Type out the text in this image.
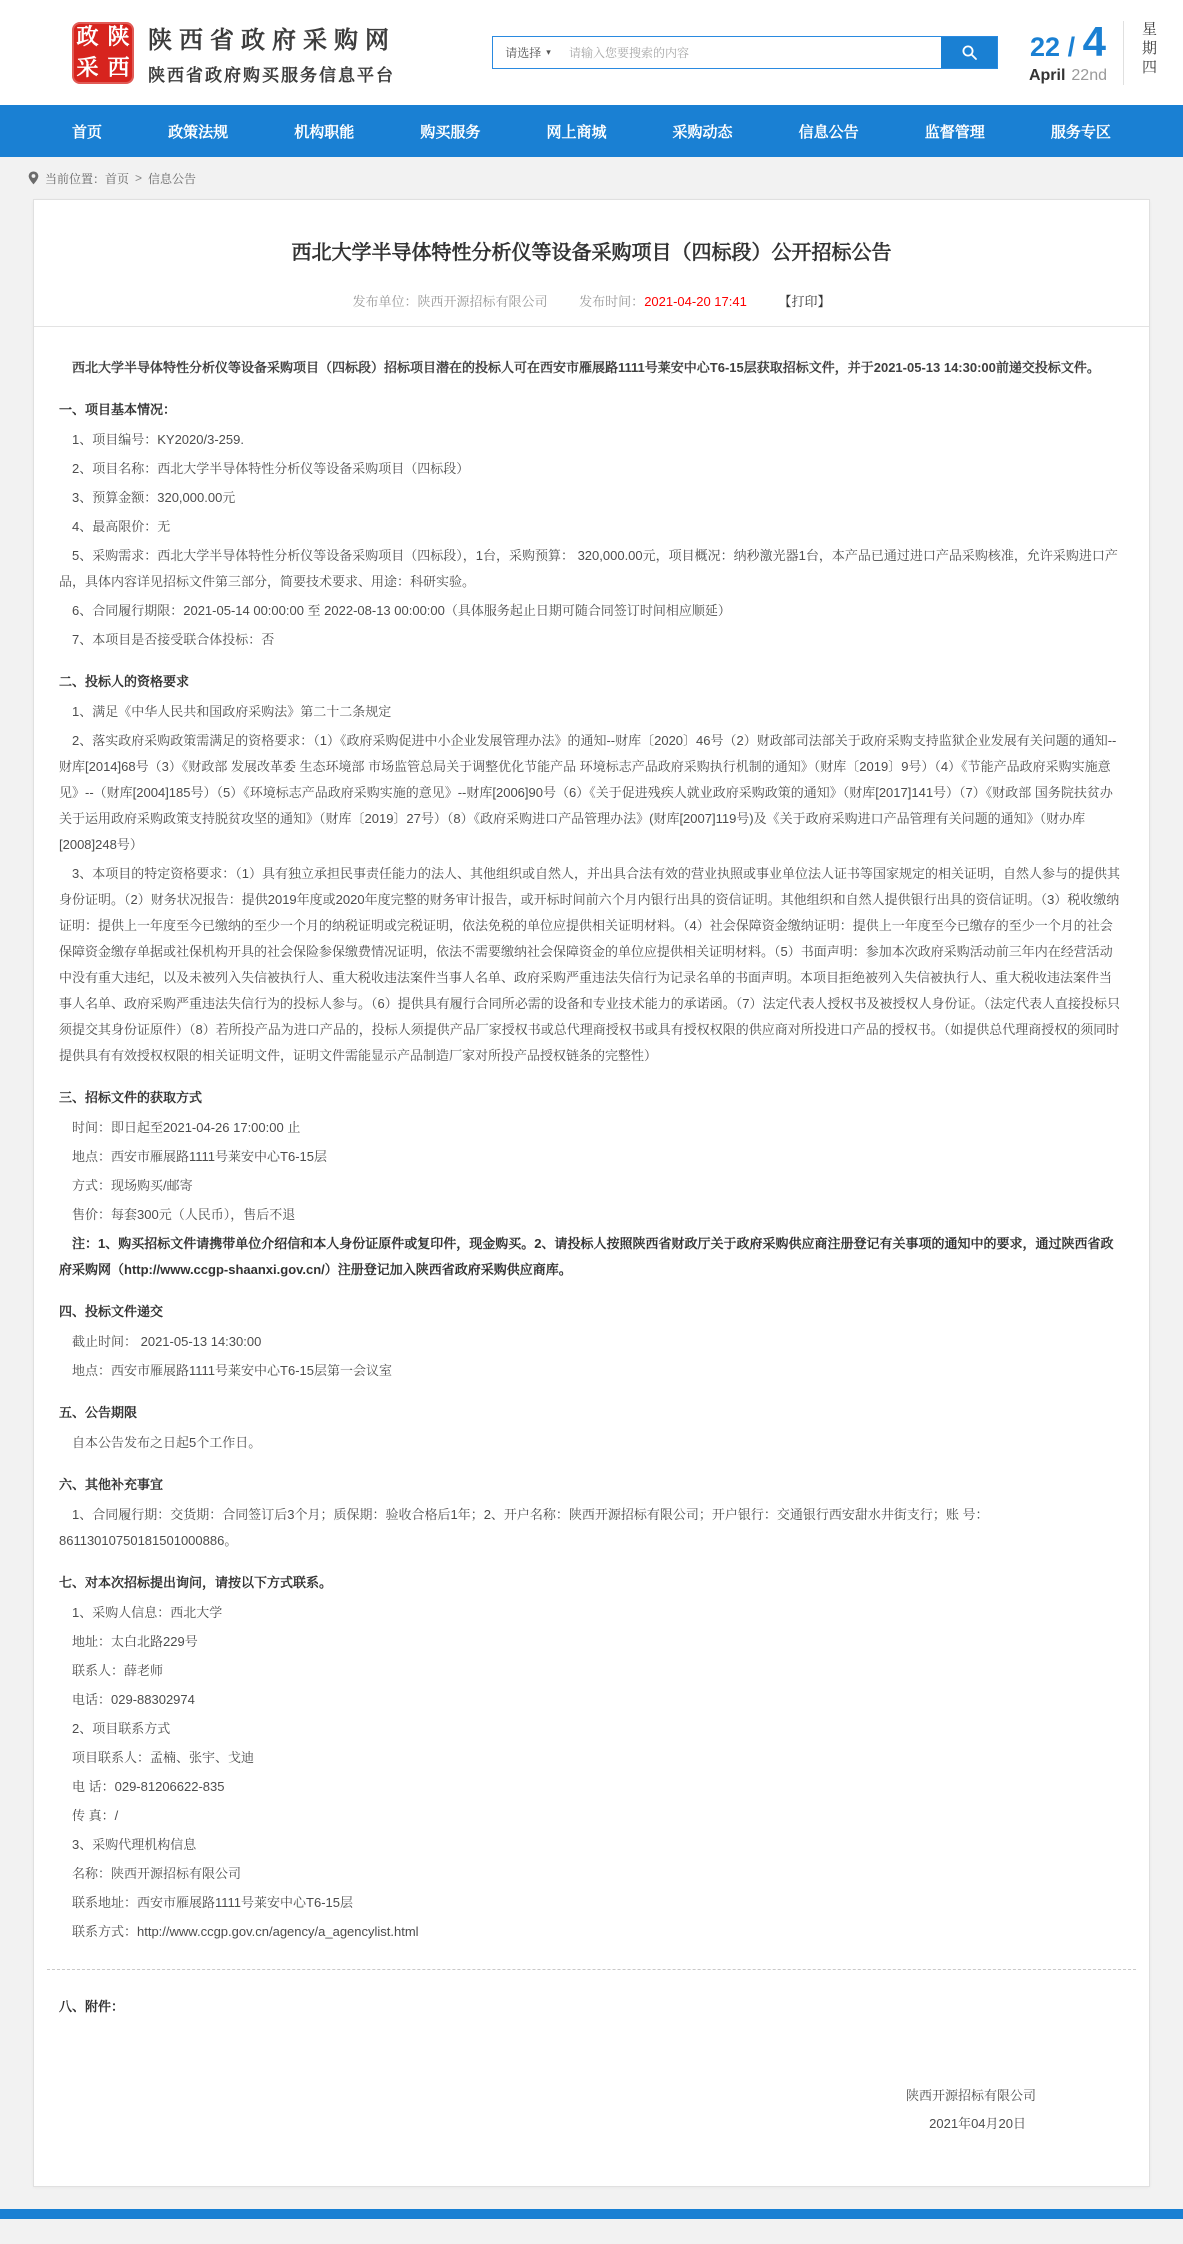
政 陕
采 西
陕西省政府采购网
陕西省政府购买服务信息平台
请选择 ▾
请输入您要搜索的内容	22 / 4
April 22nd	星期四
首页	政策法规	机构职能	购买服务	网上商城	采购动态	信息公告	监督管理	服务专区
当前位置： 首页 > 信息公告
西北大学半导体特性分析仪等设备采购项目（四标段）公开招标公告
发布单位：陕西开源招标有限公司 发布时间：2021-04-20 17:41 【打印】

西北大学半导体特性分析仪等设备采购项目（四标段）招标项目潜在的投标人可在西安市雁展路1111号莱安中心T6-15层获取招标文件，并于2021-05-13 14:30:00前递交投标文件。

一、项目基本情况：

1、项目编号：KY2020/3-259.

2、项目名称：西北大学半导体特性分析仪等设备采购项目（四标段）

3、预算金额：320,000.00元

4、最高限价：无

5、采购需求：西北大学半导体特性分析仪等设备采购项目（四标段），1台，采购预算： 320,000.00元，项目概况：纳秒激光器1台，本产品已通过进口产品采购核准，允许采购进口产品，具体内容详见招标文件第三部分，简要技术要求、用途：科研实验。

6、合同履行期限：2021-05-14 00:00:00 至 2022-08-13 00:00:00（具体服务起止日期可随合同签订时间相应顺延）

7、本项目是否接受联合体投标：否

二、投标人的资格要求

1、满足《中华人民共和国政府采购法》第二十二条规定

2、落实政府采购政策需满足的资格要求：（1）《政府采购促进中小企业发展管理办法》的通知--财库〔2020〕46号（2）财政部司法部关于政府采购支持监狱企业发展有关问题的通知--财库[2014]68号（3）《财政部 发展改革委 生态环境部 市场监管总局关于调整优化节能产品 环境标志产品政府采购执行机制的通知》（财库〔2019〕9号）（4）《节能产品政府采购实施意见》--（财库[2004]185号）（5）《环境标志产品政府采购实施的意见》--财库[2006]90号（6）《关于促进残疾人就业政府采购政策的通知》（财库[2017]141号）（7）《财政部 国务院扶贫办关于运用政府采购政策支持脱贫攻坚的通知》（财库〔2019〕27号）（8）《政府采购进口产品管理办法》(财库[2007]119号)及《关于政府采购进口产品管理有关问题的通知》（财办库[2008]248号）

3、本项目的特定资格要求：（1）具有独立承担民事责任能力的法人、其他组织或自然人，并出具合法有效的营业执照或事业单位法人证书等国家规定的相关证明，自然人参与的提供其身份证明。（2）财务状况报告：提供2019年度或2020年度完整的财务审计报告，或开标时间前六个月内银行出具的资信证明。其他组织和自然人提供银行出具的资信证明。（3）税收缴纳证明：提供上一年度至今已缴纳的至少一个月的纳税证明或完税证明，依法免税的单位应提供相关证明材料。（4）社会保障资金缴纳证明：提供上一年度至今已缴存的至少一个月的社会保障资金缴存单据或社保机构开具的社会保险参保缴费情况证明，依法不需要缴纳社会保障资金的单位应提供相关证明材料。（5）书面声明：参加本次政府采购活动前三年内在经营活动中没有重大违纪，以及未被列入失信被执行人、重大税收违法案件当事人名单、政府采购严重违法失信行为记录名单的书面声明。本项目拒绝被列入失信被执行人、重大税收违法案件当事人名单、政府采购严重违法失信行为的投标人参与。（6）提供具有履行合同所必需的设备和专业技术能力的承诺函。（7）法定代表人授权书及被授权人身份证。（法定代表人直接投标只须提交其身份证原件）（8）若所投产品为进口产品的，投标人须提供产品厂家授权书或总代理商授权书或具有授权权限的供应商对所投进口产品的授权书。（如提供总代理商授权的须同时提供具有有效授权权限的相关证明文件，证明文件需能显示产品制造厂家对所投产品授权链条的完整性）

三、招标文件的获取方式

时间：即日起至2021-04-26 17:00:00 止

地点：西安市雁展路1111号莱安中心T6-15层

方式：现场购买/邮寄

售价：每套300元（人民币），售后不退

注：1、购买招标文件请携带单位介绍信和本人身份证原件或复印件，现金购买。2、请投标人按照陕西省财政厅关于政府采购供应商注册登记有关事项的通知中的要求，通过陕西省政府采购网（http://www.ccgp-shaanxi.gov.cn/）注册登记加入陕西省政府采购供应商库。

四、投标文件递交

截止时间： 2021-05-13 14:30:00

地点：西安市雁展路1111号莱安中心T6-15层第一会议室

五、公告期限

自本公告发布之日起5个工作日。

六、其他补充事宜

1、合同履行期：交货期：合同签订后3个月；质保期：验收合格后1年；2、开户名称：陕西开源招标有限公司；开户银行：交通银行西安甜水井街支行；账 号：86113010750181501000886。

七、对本次招标提出询问，请按以下方式联系。

1、采购人信息：西北大学

地址：太白北路229号

联系人：薛老师

电话：029-88302974

2、项目联系方式

项目联系人：孟楠、张宇、戈迪

电 话：029-81206622-835

传 真：/

3、采购代理机构信息

名称：陕西开源招标有限公司

联系地址：西安市雁展路1111号莱安中心T6-15层

联系方式：http://www.ccgp.gov.cn/agency/a_agencylist.html

八、附件：

陕西开源招标有限公司
2021年04月20日
